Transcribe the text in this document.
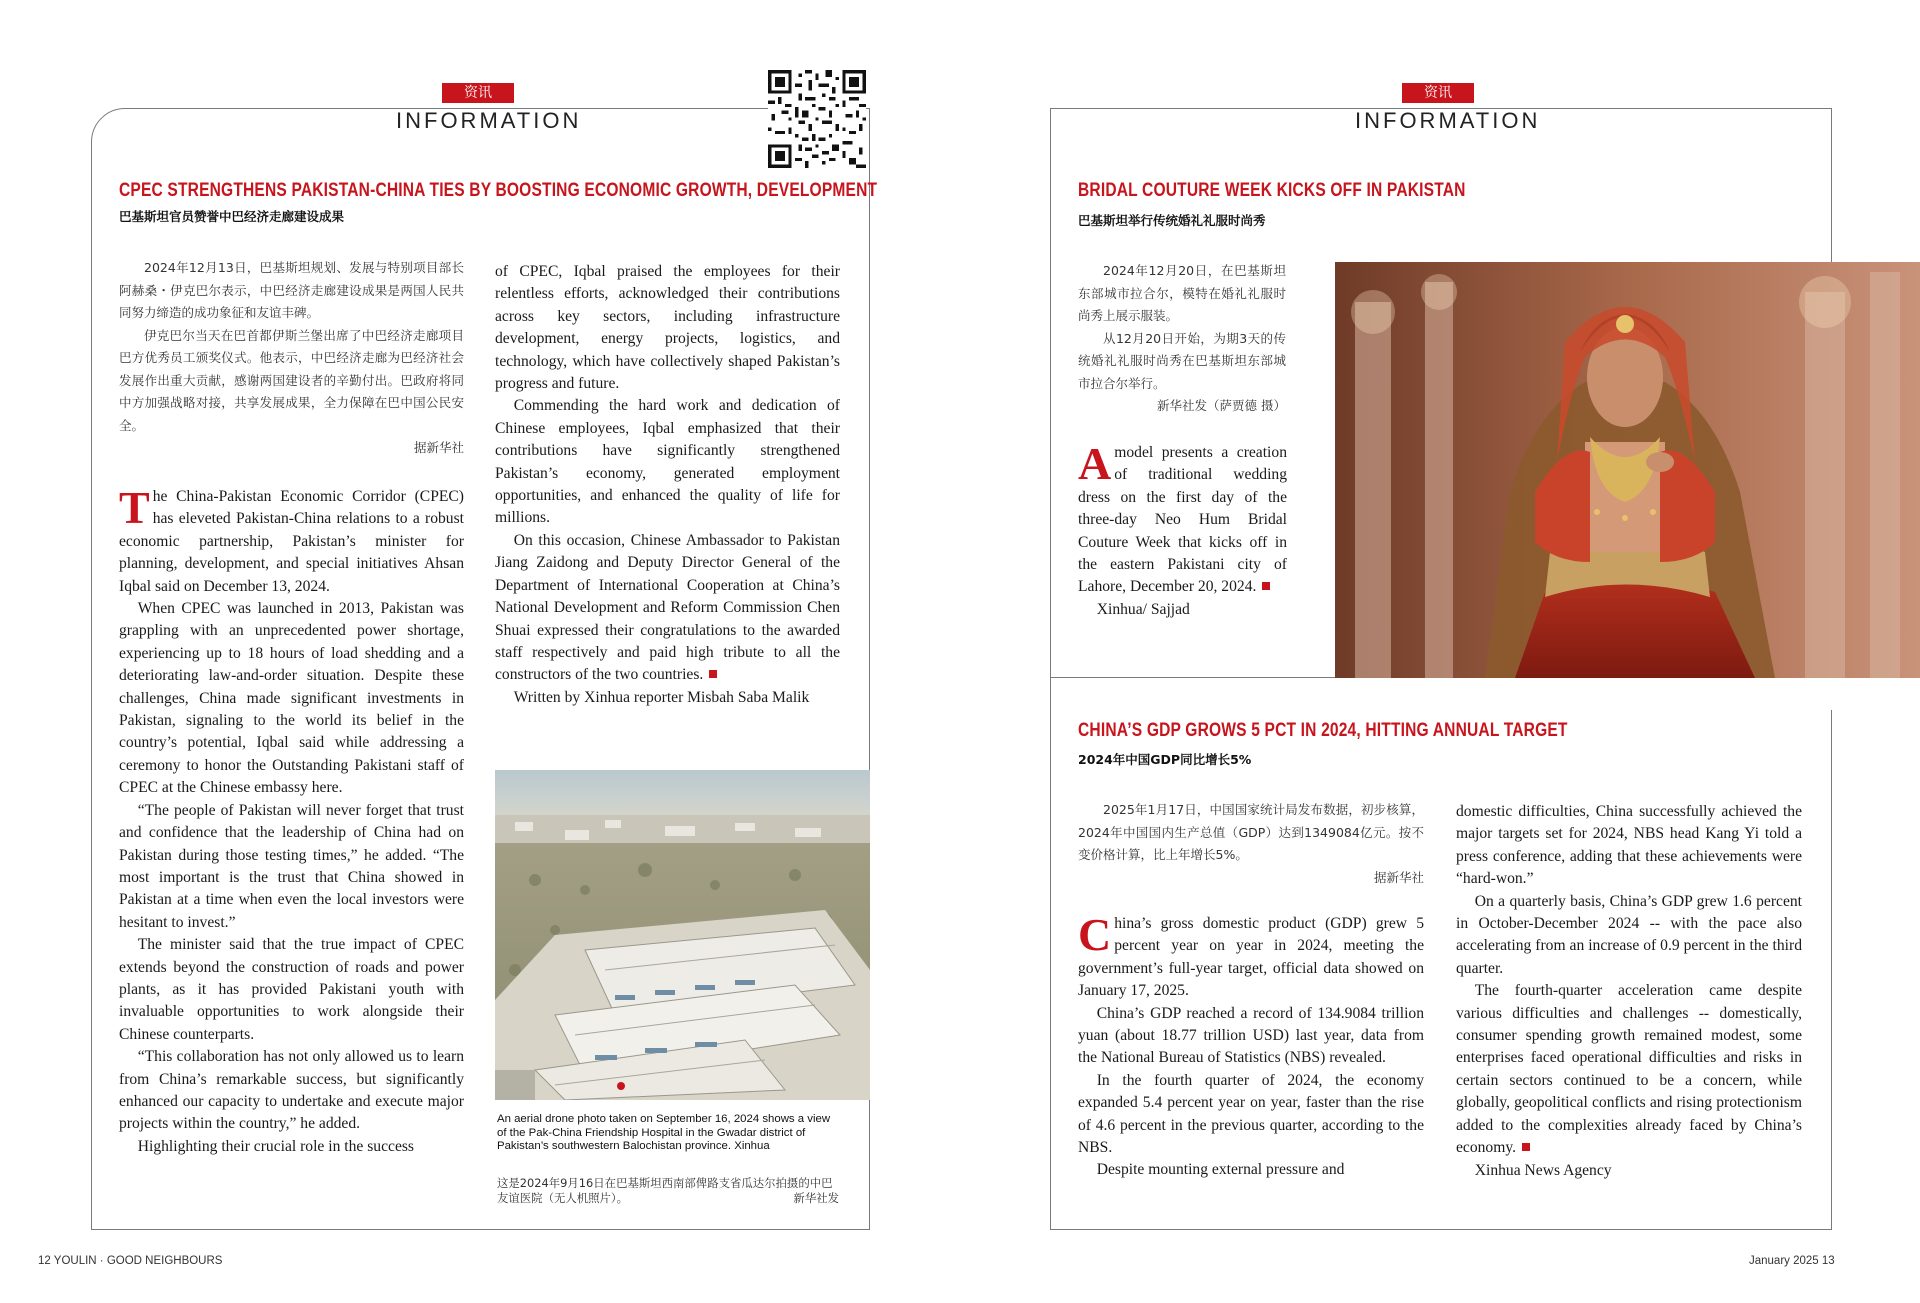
资讯
INFORMATION
CPEC STRENGTHENS PAKISTAN-CHINA TIES BY BOOSTING ECONOMIC GROWTH, DEVELOPMENT
巴基斯坦官员赞誉中巴经济走廊建设成果

2024年12月13日，巴基斯坦规划、发展与特别项目部长阿赫桑・伊克巴尔表示，中巴经济走廊建设成果是两国人民共同努力缔造的成功象征和友谊丰碑。

伊克巴尔当天在巴首都伊斯兰堡出席了中巴经济走廊项目巴方优秀员工颁奖仪式。他表示，中巴经济走廊为巴经济社会发展作出重大贡献，感谢两国建设者的辛勤付出。巴政府将同中方加强战略对接，共享发展成果，全力保障在巴中国公民安全。

据新华社

The China-Pakistan Economic Corridor (CPEC) has eleveted Pakistan-China relations to a robust economic partnership, Pakistan’s minister for planning, development, and special initiatives Ahsan Iqbal said on December 13, 2024.

When CPEC was launched in 2013, Pakistan was grappling with an unprecedented power shortage, experiencing up to 18 hours of load shedding and a deteriorating law-and-order situation. Despite these challenges, China made significant investments in Pakistan, signaling to the world its belief in the country’s potential, Iqbal said while addressing a ceremony to honor the Outstanding Pakistani staff of CPEC at the Chinese embassy here.

“The people of Pakistan will never forget that trust and confidence that the leadership of China had on Pakistan during those testing times,” he added. “The most important is the trust that China showed in Pakistan at a time when even the local investors were hesitant to invest.”

The minister said that the true impact of CPEC extends beyond the construction of roads and power plants, as it has provided Pakistani youth with invaluable opportunities to work alongside their Chinese counterparts.

“This collaboration has not only allowed us to learn from China’s remarkable success, but significantly enhanced our capacity to undertake and execute major projects within the country,” he added.

Highlighting their crucial role in the success

of CPEC, Iqbal praised the employees for their relentless efforts, acknowledged their contributions across key sectors, including infrastructure development, energy projects, logistics, and technology, which have collectively shaped Pakistan’s progress and future.

Commending the hard work and dedication of Chinese employees, Iqbal emphasized that their contributions have significantly strengthened Pakistan’s economy, generated employment opportunities, and enhanced the quality of life for millions.

On this occasion, Chinese Ambassador to Pakistan Jiang Zaidong and Deputy Director General of the Department of International Cooperation at China’s National Development and Reform Commission Chen Shuai expressed their congratulations to the awarded staff respectively and paid high tribute to all the constructors of the two countries.

Written by Xinhua reporter Misbah Saba Malik

An aerial drone photo taken on September 16, 2024 shows a view of the Pak-China Friendship Hospital in the Gwadar district of Pakistan’s southwestern Balochistan province. Xinhua
这是2024年9月16日在巴基斯坦西南部俾路支省瓜达尔拍摄的中巴友谊医院（无人机照片）。	新华社发
12 YOULIN · GOOD NEIGHBOURS
资讯
INFORMATION
BRIDAL COUTURE WEEK KICKS OFF IN PAKISTAN
巴基斯坦举行传统婚礼礼服时尚秀

2024年12月20日，在巴基斯坦东部城市拉合尔，模特在婚礼礼服时尚秀上展示服装。

从12月20日开始，为期3天的传统婚礼礼服时尚秀在巴基斯坦东部城市拉合尔举行。

新华社发（萨贾德 摄）

Amodel presents a creation of traditional wedding dress on the first day of the three-day Neo Hum Bridal Couture Week that kicks off in the eastern Pakistani city of Lahore, December 20, 2024.

Xinhua/ Sajjad

CHINA’S GDP GROWS 5 PCT IN 2024, HITTING ANNUAL TARGET
2024年中国GDP同比增长5%

2025年1月17日，中国国家统计局发布数据，初步核算，2024年中国国内生产总值（GDP）达到1349084亿元。按不变价格计算，比上年增长5%。

据新华社

China’s gross domestic product (GDP) grew 5 percent year on year in 2024, meeting the government’s full-year target, official data showed on January 17, 2025.

China’s GDP reached a record of 134.9084 trillion yuan (about 18.77 trillion USD) last year, data from the National Bureau of Statistics (NBS) revealed.

In the fourth quarter of 2024, the economy expanded 5.4 percent year on year, faster than the rise of 4.6 percent in the previous quarter, according to the NBS.

Despite mounting external pressure and

domestic difficulties, China successfully achieved the major targets set for 2024, NBS head Kang Yi told a press conference, adding that these achievements were “hard-won.”

On a quarterly basis, China’s GDP grew 1.6 percent in October-December 2024 -- with the pace also accelerating from an increase of 0.9 percent in the third quarter.

The fourth-quarter acceleration came despite various difficulties and challenges -- domestically, consumer spending growth remained modest, some enterprises faced operational difficulties and risks in certain sectors continued to be a concern, while globally, geopolitical conflicts and rising protectionism added to the complexities already faced by China’s economy.

Xinhua News Agency

January 2025 13
